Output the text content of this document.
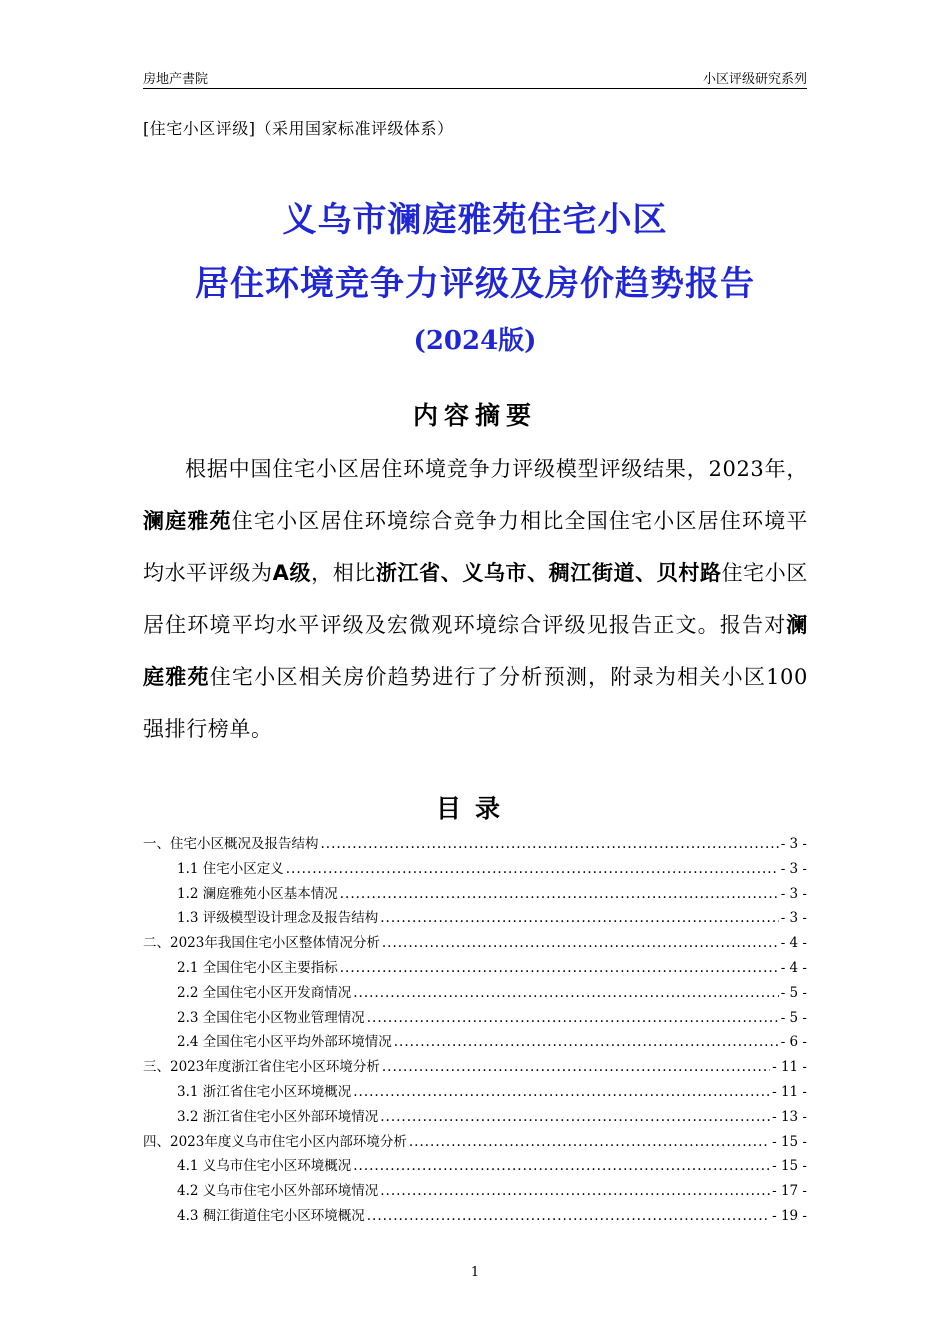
房地产書院	小区评级研究系列
[住宅小区评级]（采用国家标准评级体系）
义乌市澜庭雅苑住宅小区
居住环境竞争力评级及房价趋势报告
(2024版)
内容摘要
根据中国住宅小区居住环境竞争力评级模型评级结果，2023年，澜庭雅苑住宅小区居住环境综合竞争力相比全国住宅小区居住环境平均水平评级为A级，相比浙江省、义乌市、稠江街道、贝村路住宅小区居住环境平均水平评级及宏微观环境综合评级见报告正文。报告对澜庭雅苑住宅小区相关房价趋势进行了分析预测，附录为相关小区100强排行榜单。
目录
一、住宅小区概况及报告结构 .....	- 3 -
1.1 住宅小区定义 .....	- 3 -
1.2 澜庭雅苑小区基本情况 .....	- 3 -
1.3 评级模型设计理念及报告结构 .....	- 3 -
二、2023年我国住宅小区整体情况分析 .....	- 4 -
2.1 全国住宅小区主要指标 .....	- 4 -
2.2 全国住宅小区开发商情况 .....	- 5 -
2.3 全国住宅小区物业管理情况 .....	- 5 -
2.4 全国住宅小区平均外部环境情况 .....	- 6 -
三、2023年度浙江省住宅小区环境分析 .....	- 11 -
3.1 浙江省住宅小区环境概况 .....	- 11 -
3.2 浙江省住宅小区外部环境情况 .....	- 13 -
四、2023年度义乌市住宅小区内部环境分析 .....	- 15 -
4.1 义乌市住宅小区环境概况 .....	- 15 -
4.2 义乌市住宅小区外部环境情况 .....	- 17 -
4.3 稠江街道住宅小区环境概况 .....	- 19 -
1
